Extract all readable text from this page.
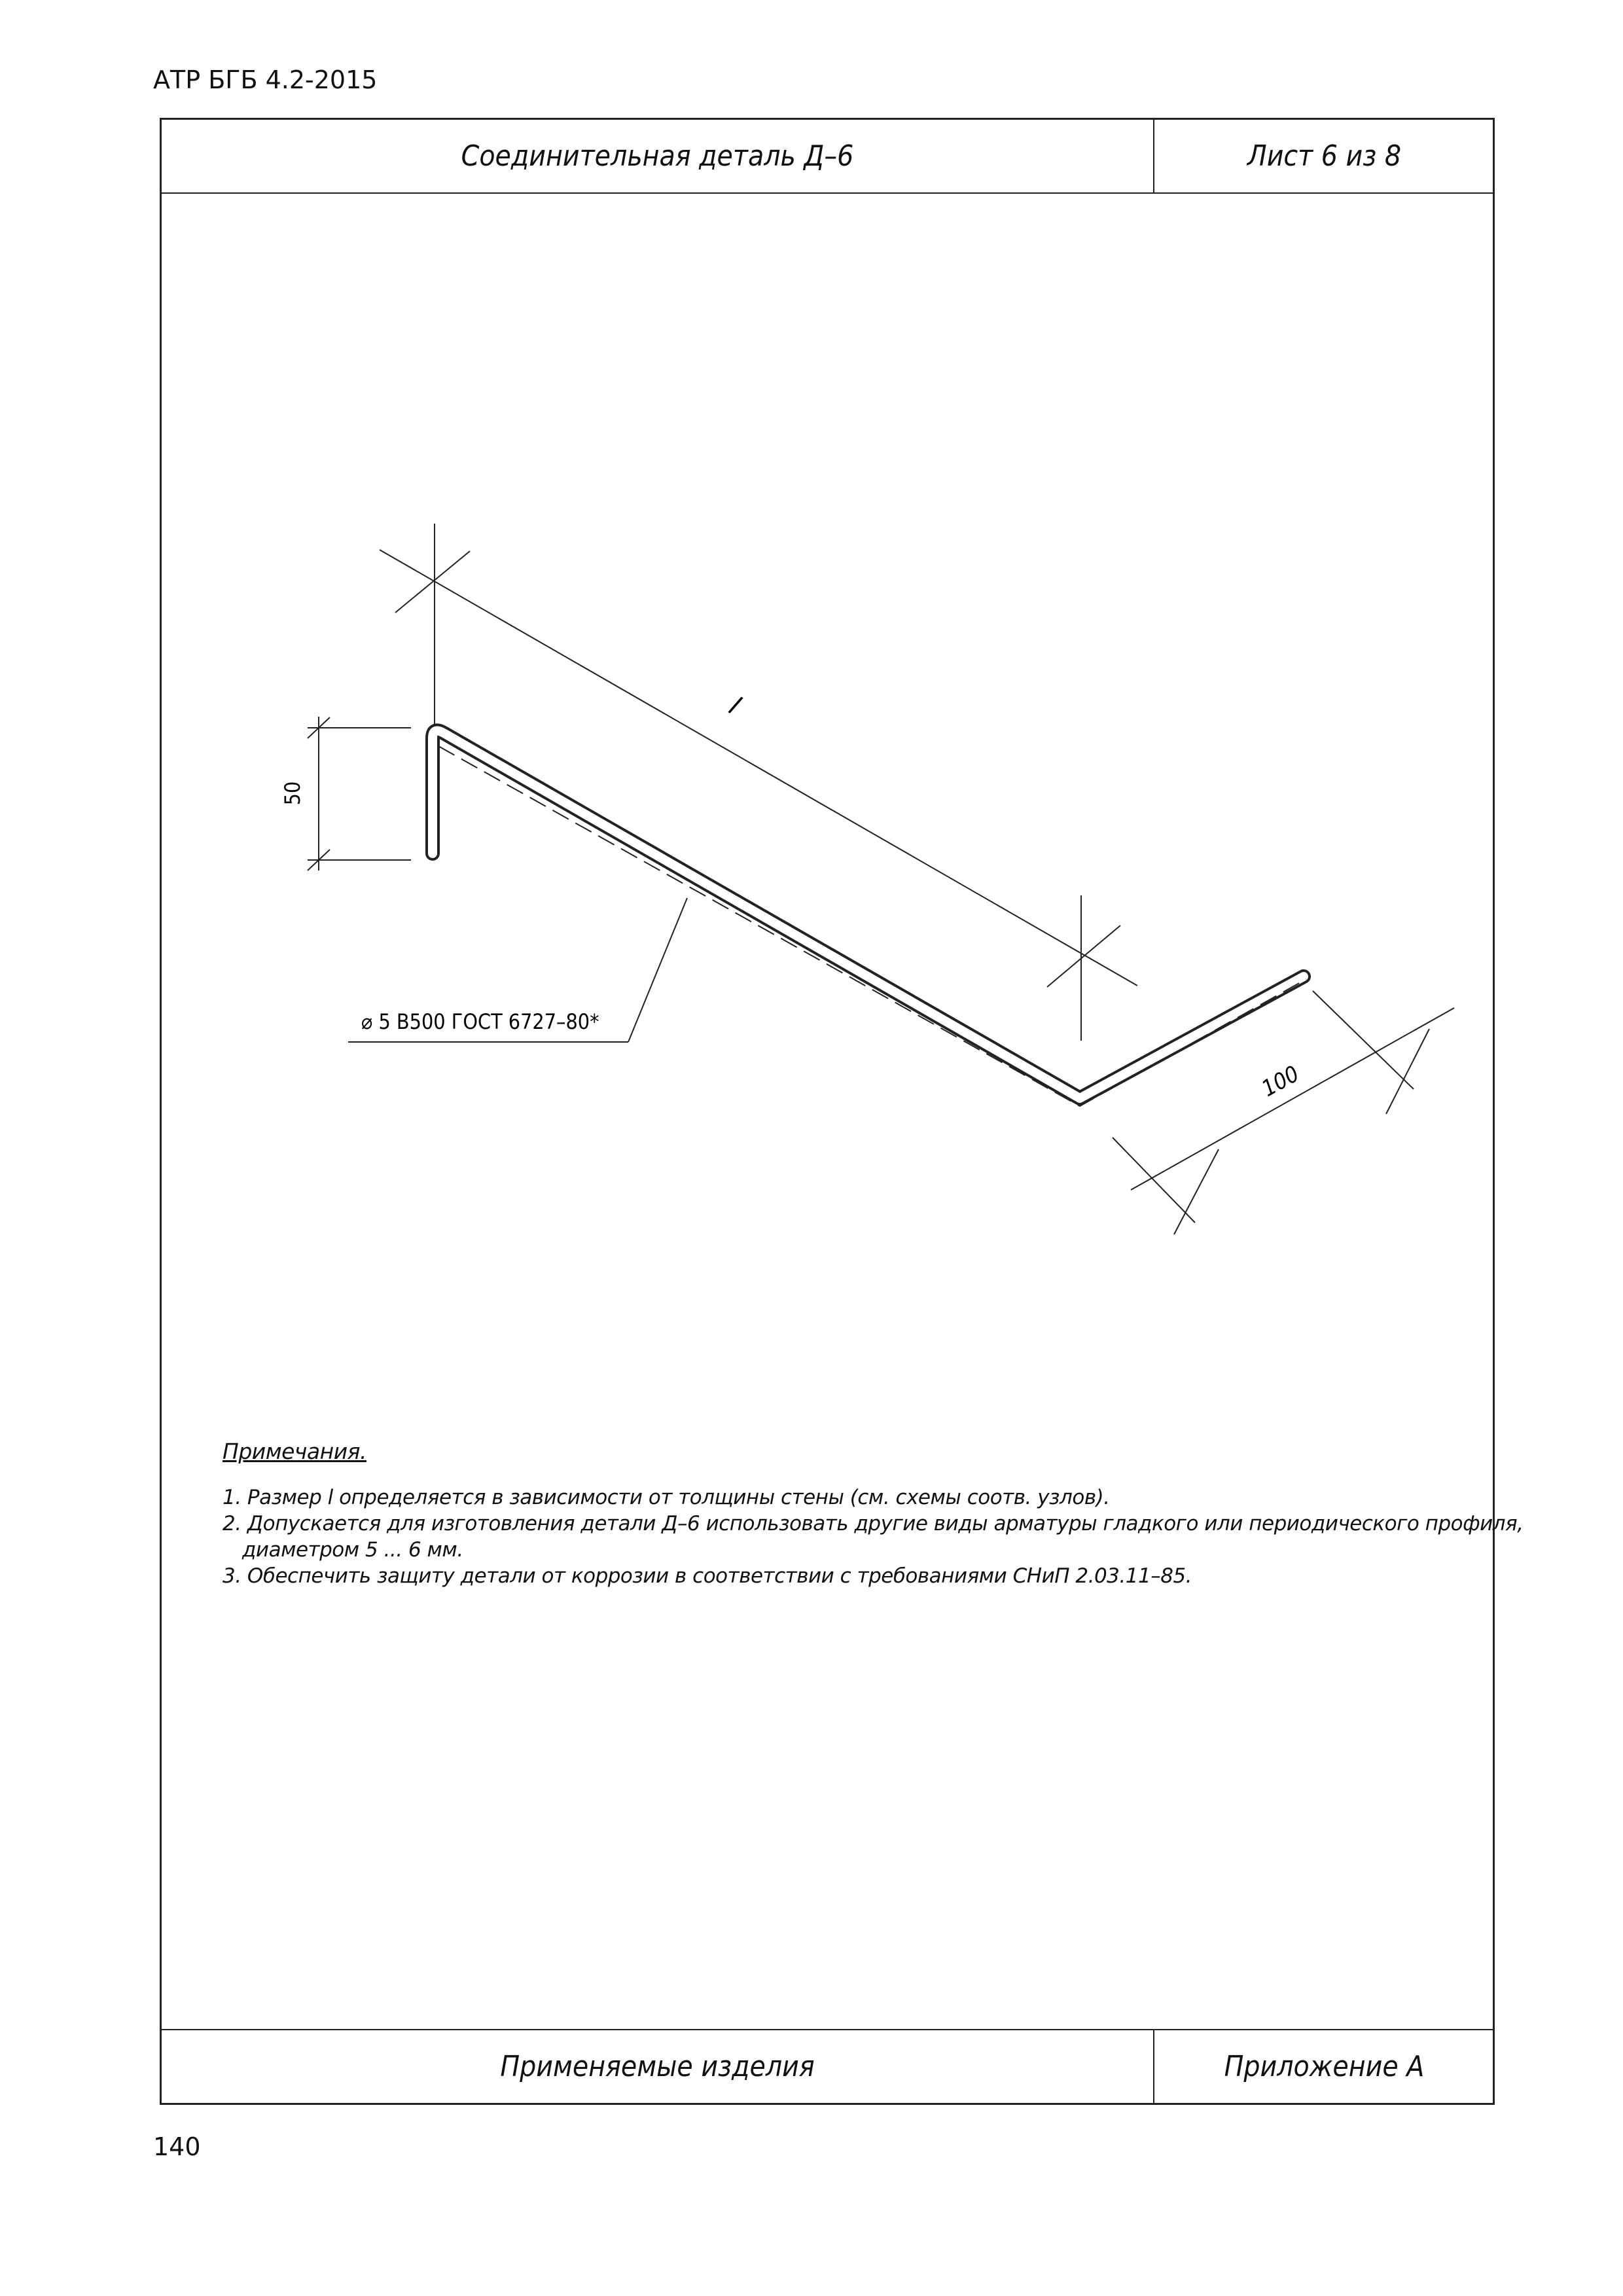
АТР БГБ 4.2-2015
Соединительная деталь Д–6	Лист 6 из 8
Применяемые изделия	Приложение А
50
l
100
⌀ 5 В500 ГОСТ 6727–80*
Примечания.
1. Размер l определяется в зависимости от толщины стены (см. схемы соотв. узлов).
2. Допускается для изготовления детали Д–6 использовать другие виды арматуры гладкого или периодического профиля,
диаметром 5 ... 6 мм.
3. Обеспечить защиту детали от коррозии в соответствии с требованиями СНиП 2.03.11–85.
140
